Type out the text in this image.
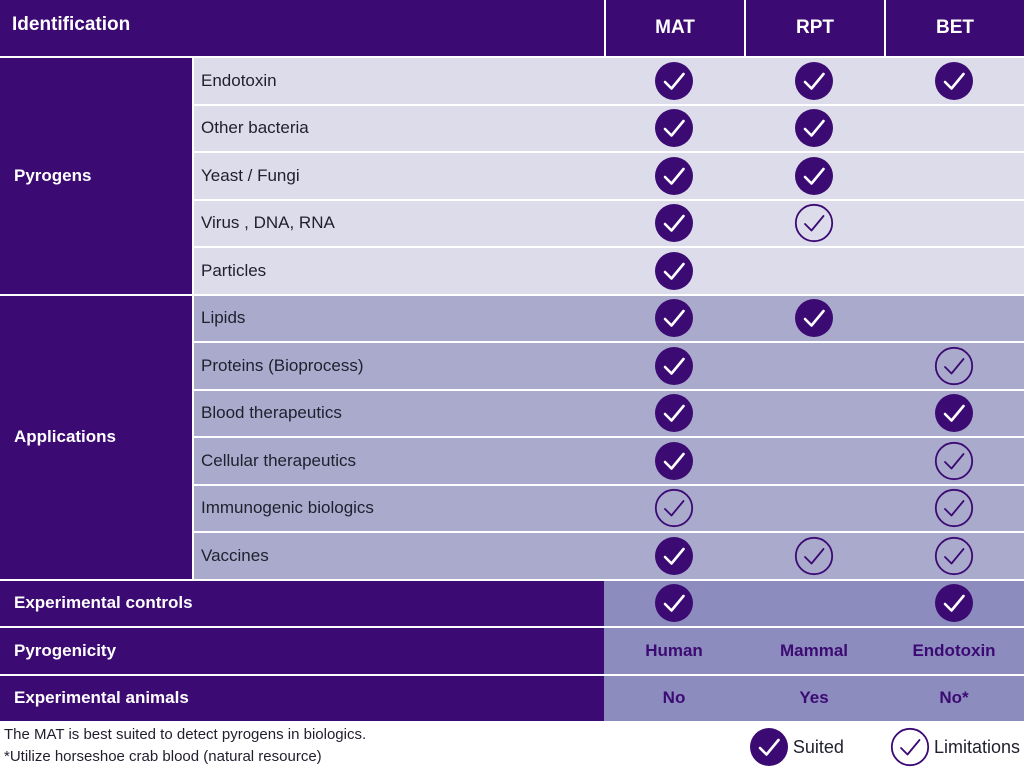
Identification		MAT	RPT	BET
Pyrogens	Endotoxin	

	Other bacteria	

	Yeast / Fungi	

	Virus , DNA, RNA	

	Particles	

Applications	Lipids	

	Proteins (Bioprocess)	

	Blood therapeutics	

	Cellular therapeutics	

	Immunogenic biologics	

	Vaccines	

Experimental controls	

Pyrogenicity		Human	Mammal	Endotoxin
Experimental animals		No	Yes	No*
The MAT is best suited to detect pyrogens in biologics.
*Utilize horseshoe crab blood (natural resource)	Suited	Limitations
